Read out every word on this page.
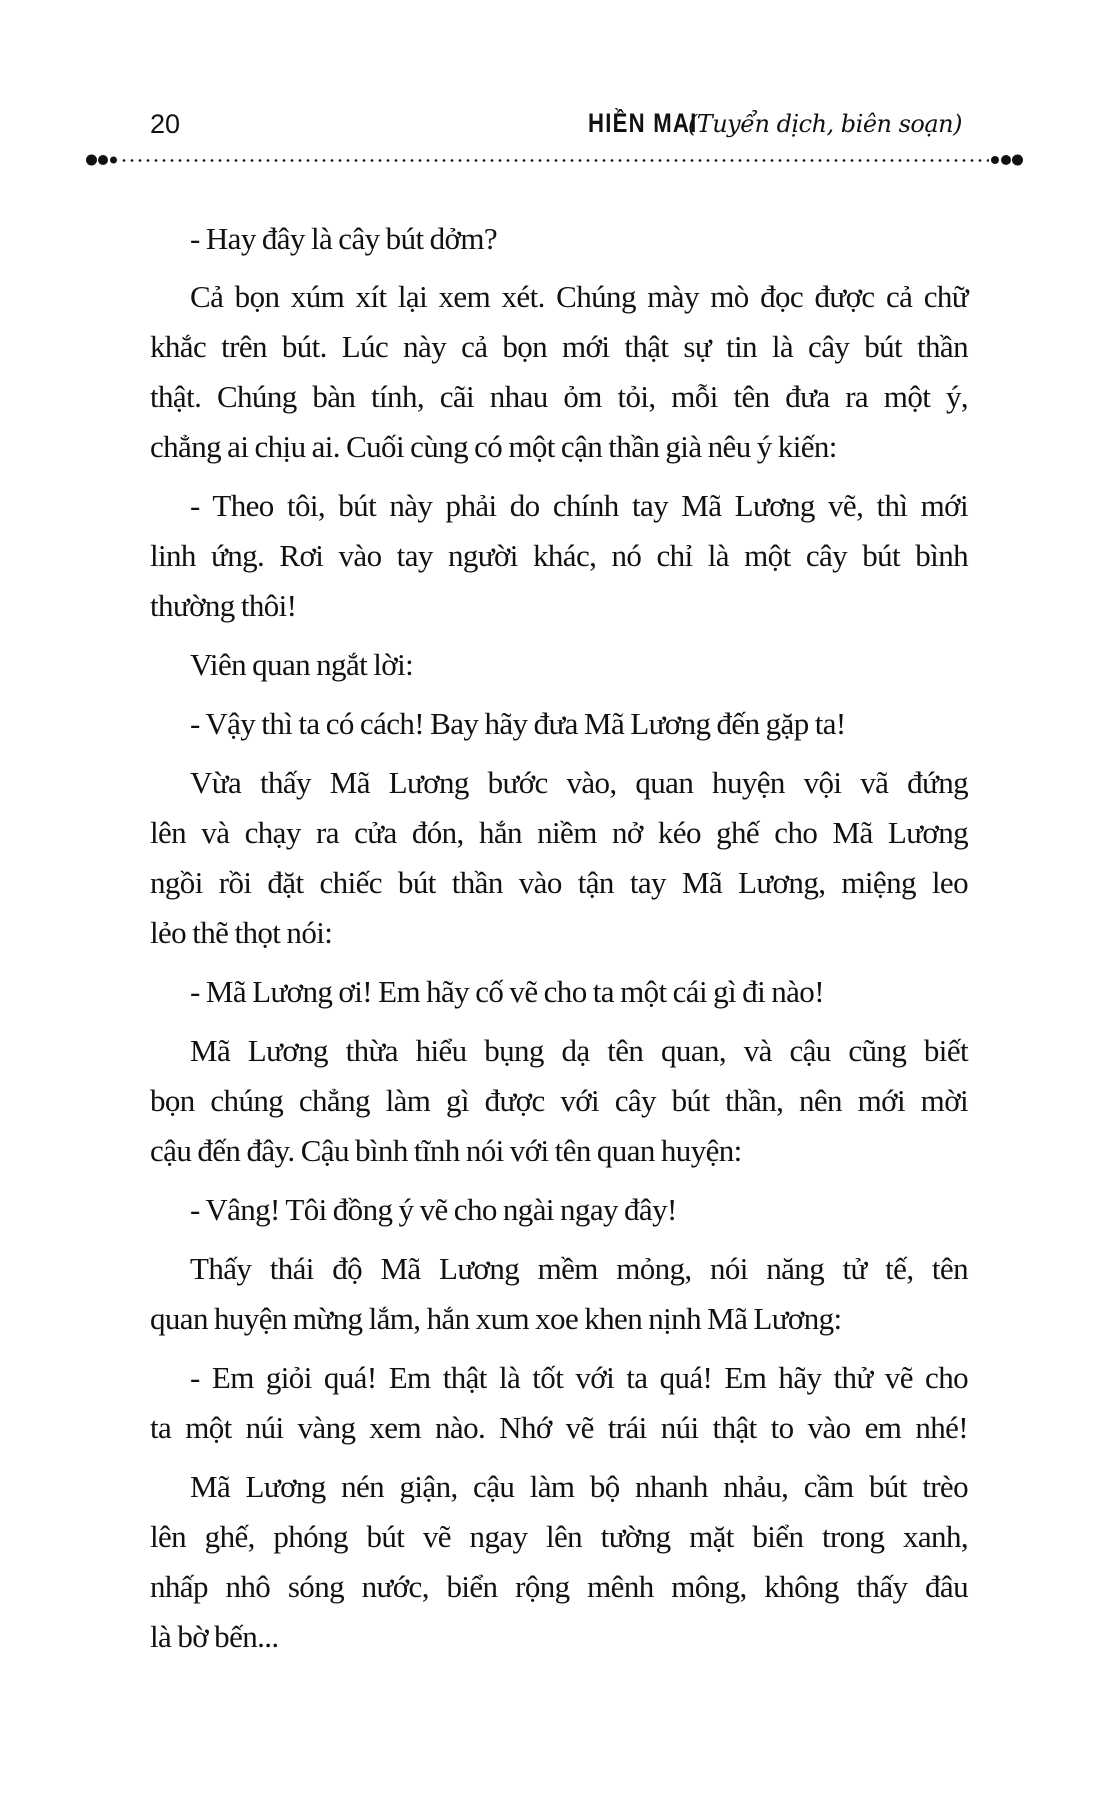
20	HIỀN MAI (Tuyển dịch, biên soạn)
- Hay đây là cây bút dởm?
Cả bọn xúm xít lại xem xét. Chúng mày mò đọc được cả chữ
khắc trên bút. Lúc này cả bọn mới thật sự tin là cây bút thần
thật. Chúng bàn tính, cãi nhau ỏm tỏi, mỗi tên đưa ra một ý,
chẳng ai chịu ai. Cuối cùng có một cận thần già nêu ý kiến:
- Theo tôi, bút này phải do chính tay Mã Lương vẽ, thì mới
linh ứng. Rơi vào tay người khác, nó chỉ là một cây bút bình
thường thôi!
Viên quan ngắt lời:
- Vậy thì ta có cách! Bay hãy đưa Mã Lương đến gặp ta!
Vừa thấy Mã Lương bước vào, quan huyện vội vã đứng
lên và chạy ra cửa đón, hắn niềm nở kéo ghế cho Mã Lương
ngồi rồi đặt chiếc bút thần vào tận tay Mã Lương, miệng leo
lẻo thẽ thọt nói:
- Mã Lương ơi! Em hãy cố vẽ cho ta một cái gì đi nào!
Mã Lương thừa hiểu bụng dạ tên quan, và cậu cũng biết
bọn chúng chẳng làm gì được với cây bút thần, nên mới mời
cậu đến đây. Cậu bình tĩnh nói với tên quan huyện:
- Vâng! Tôi đồng ý vẽ cho ngài ngay đây!
Thấy thái độ Mã Lương mềm mỏng, nói năng tử tế, tên
quan huyện mừng lắm, hắn xum xoe khen nịnh Mã Lương:
- Em giỏi quá! Em thật là tốt với ta quá! Em hãy thử vẽ cho
ta một núi vàng xem nào. Nhớ vẽ trái núi thật to vào em nhé!
Mã Lương nén giận, cậu làm bộ nhanh nhảu, cầm bút trèo
lên ghế, phóng bút vẽ ngay lên tường mặt biển trong xanh,
nhấp nhô sóng nước, biển rộng mênh mông, không thấy đâu
là bờ bến...
